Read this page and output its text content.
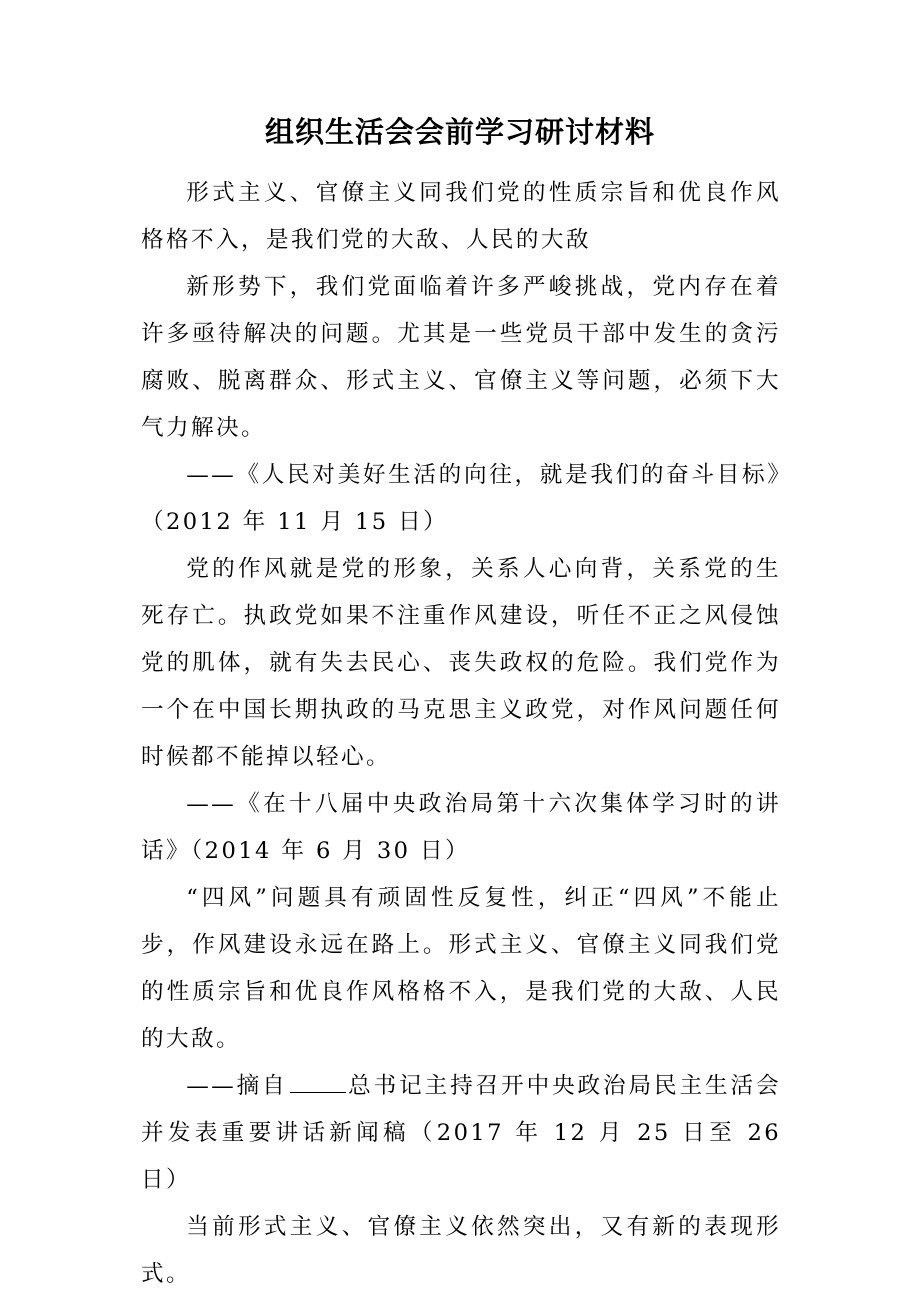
组织生活会会前学习研讨材料

形式主义、官僚主义同我们党的性质宗旨和优良作风格格不入，是我们党的大敌、人民的大敌

新形势下，我们党面临着许多严峻挑战，党内存在着许多亟待解决的问题。尤其是一些党员干部中发生的贪污腐败、脱离群众、形式主义、官僚主义等问题，必须下大气力解决。

——《人民对美好生活的向往，就是我们的奋斗目标》（2012 年 11 月 15 日）

党的作风就是党的形象，关系人心向背，关系党的生死存亡。执政党如果不注重作风建设，听任不正之风侵蚀党的肌体，就有失去民心、丧失政权的危险。我们党作为一个在中国长期执政的马克思主义政党，对作风问题任何时候都不能掉以轻心。

——《在十八届中央政治局第十六次集体学习时的讲话》（2014 年 6 月 30 日）

“四风”问题具有顽固性反复性，纠正“四风”不能止步，作风建设永远在路上。形式主义、官僚主义同我们党的性质宗旨和优良作风格格不入，是我们党的大敌、人民的大敌。

——摘自	总书记主持召开中央政治局民主生活会并发表重要讲话新闻稿（2017 年 12 月 25 日至 26 日）

当前形式主义、官僚主义依然突出，又有新的表现形式。
